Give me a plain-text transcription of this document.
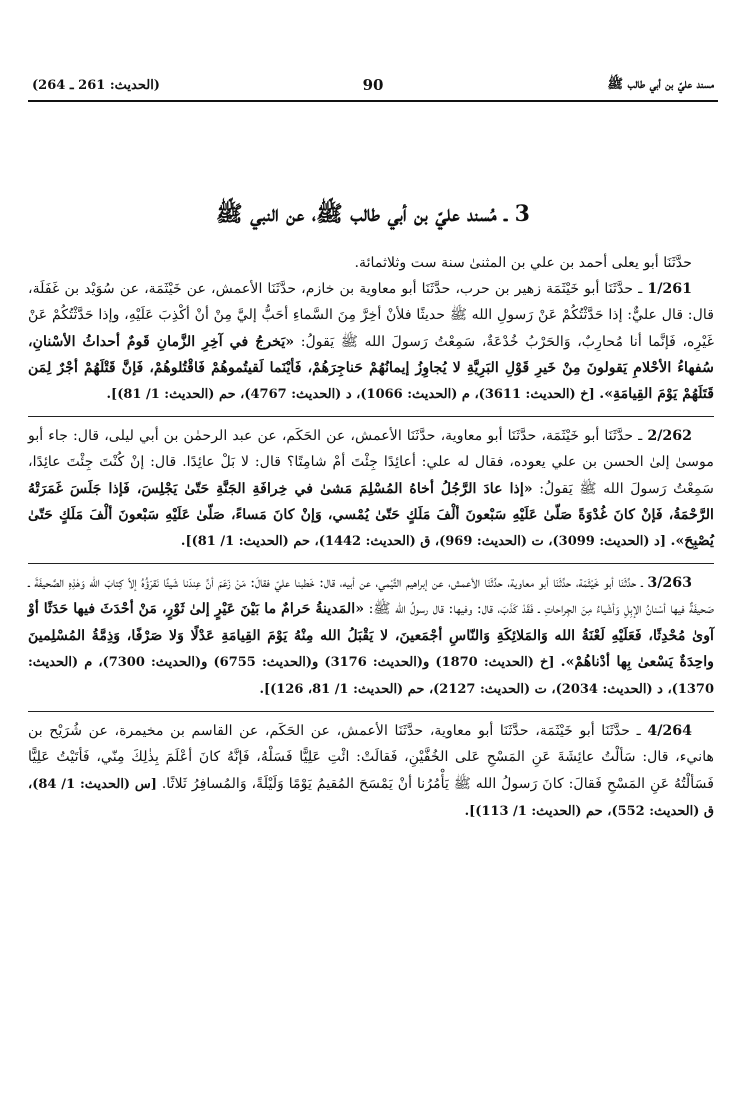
(الحديث: 261 ـ 264)	90	مسند عليّ بن أبي طالب ﷺ
3 ـ مُسند عليّ بن أبي طالب ﷺ، عن النبي ﷺ

حدَّثَنَا أبو يعلى أحمد بن علي بن المثنىٰ سنة ست وثلاثمائة.

1/261 ـ حدَّثَنَا أبو خَيْثَمَة زهير بن حرب، حدَّثَنَا أبو معاوية بن خازم، حدَّثَنَا الأعمش، عن خَيْثَمَة، عن سُوَيْد بن غَفَلَة، قال: قال عليٌّ: إذا حَدَّثْتُكُمْ عَنْ رَسولِ الله ﷺ حديثًا فلأنْ أخِرَّ مِنَ السَّماءِ أحَبُّ إليَّ مِنْ أنْ أكْذِبَ عَلَيْهِ، وإذا حَدَّثْتُكُمْ عَنْ غَيْرِه، فَإنَّما أنا مُحارِبٌ، وَالحَرْبُ خُدْعَةٌ، سَمِعْتُ رَسولَ الله ﷺ يَقولُ: «يَخرجُ في آخِرِ الزَّمانِ قَومٌ أحداثُ الأسْنانِ، سُفهاءُ الأحْلامِ يَقولونَ مِنْ خَيرِ قَوْلِ البَرِيَّةِ لا يُجاوِزُ إيمانُهُمْ حَناجِرَهُمْ، فَأيْنَما لَقيتُموهُمْ فَاقْتُلوهُمْ، فَإنَّ قَتْلَهُمْ أجْرٌ لِمَن قَتَلَهُمْ يَوْمَ القِيامَةِ». [خ (الحديث: 3611)، م (الحديث: 1066)، د (الحديث: 4767)، حم (الحديث: 1/ 81)].

2/262 ـ حدَّثَنَا أبو خَيْثَمَة، حدَّثَنَا أبو معاوية، حدَّثَنَا الأعمش، عن الحَكَم، عن عبد الرحمٰن بن أبي ليلى، قال: جاء أبو موسىٰ إلىٰ الحسن بن علي يعوده، فقال له علي: أعائِدًا جِئْتَ أمْ شامِتًا؟ قال: لا بَلْ عائِدًا. قال: إنْ كُنْتَ جِئْتَ عائِدًا، سَمِعْتُ رَسولَ الله ﷺ يَقولُ: «إذا عادَ الرَّجُلُ أخاهُ المُسْلِمَ مَشىٰ في خِرافَةِ الجَنَّةِ حَتّىٰ يَجْلِسَ، فَإذا جَلَسَ غَمَرَتْهُ الرَّحْمَةُ، فَإنْ كانَ غُدْوَةً صَلّىٰ عَلَيْهِ سَبْعونَ ألْفَ مَلَكٍ حَتّىٰ يُمْسي، وَإنْ كانَ مَساءً، صَلّىٰ عَلَيْهِ سَبْعونَ ألْفَ مَلَكٍ حَتّىٰ يُصْبِحَ». [د (الحديث: 3099)، ت (الحديث: 969)، ق (الحديث: 1442)، حم (الحديث: 1/ 81)].

3/263 ـ حدَّثَنَا أبو خَيْثَمَة، حدَّثَنَا أبو معاوية، حدَّثَنَا الأعمش، عن إبراهيم التَّيْمي، عن أبيه، قال: خَطبنا عليّ فقالَ: مَنْ زَعَمَ أنَّ عِندَنا شَيئًا نَقرَؤُهُ إلاّ كِتابَ الله وَهٰذِهِ الصَّحيفَةَ ـ صَحيفَةٌ فيها أسْنانُ الإبِلِ وَأشْياءُ مِنَ الجِراحاتِ ـ فَقَدْ كَذَبَ، قال: وفيها: قال رسولُ الله ﷺ: «المَدينةُ حَرامٌ ما بَيْنَ عَيْرٍ إلىٰ ثَوْرٍ، مَنْ أحْدَثَ فيها حَدَثًا أوْ آوىٰ مُحْدِثًا، فَعَلَيْهِ لَعْنَةُ الله وَالمَلائِكَةِ وَالنّاسِ أجْمَعينَ، لا يَقْبَلُ الله مِنْهُ يَوْمَ القِيامَةِ عَدْلًا وَلا صَرْفًا، وَذِمَّةُ المُسْلِمينَ واحِدَةٌ يَسْعىٰ بِها أدْناهُمْ». [خ (الحديث: 1870) و(الحديث: 3176) و(الحديث: 6755) و(الحديث: 7300)، م (الحديث: 1370)، د (الحديث: 2034)، ت (الحديث: 2127)، حم (الحديث: 1/ 81، 126)].

4/264 ـ حدَّثَنَا أبو خَيْثَمَة، حدَّثَنَا أبو معاوية، حدَّثَنَا الأعمش، عن الحَكَم، عن القاسم بن مخيمرة، عن شُرَيْح بن هانيء، قال: سَألْتُ عائِشَةَ عَنِ المَسْحِ عَلى الخُفَّيْنِ، فَقالَتْ: ائْتِ عَلِيًّا فَسَلْهُ، فَإنَّهُ كانَ أعْلَمَ بِذٰلِكَ مِنّي، فَأتَيْتُ عَلِيًّا فَسَألْتُهُ عَنِ المَسْحِ فَقالَ: كانَ رَسولُ الله ﷺ يَأْمُرُنا أنْ يَمْسَحَ المُقيمُ يَوْمًا وَلَيْلَةً، وَالمُسافِرُ ثَلاثًا. [س (الحديث: 1/ 84)، ق (الحديث: 552)، حم (الحديث: 1/ 113)].
